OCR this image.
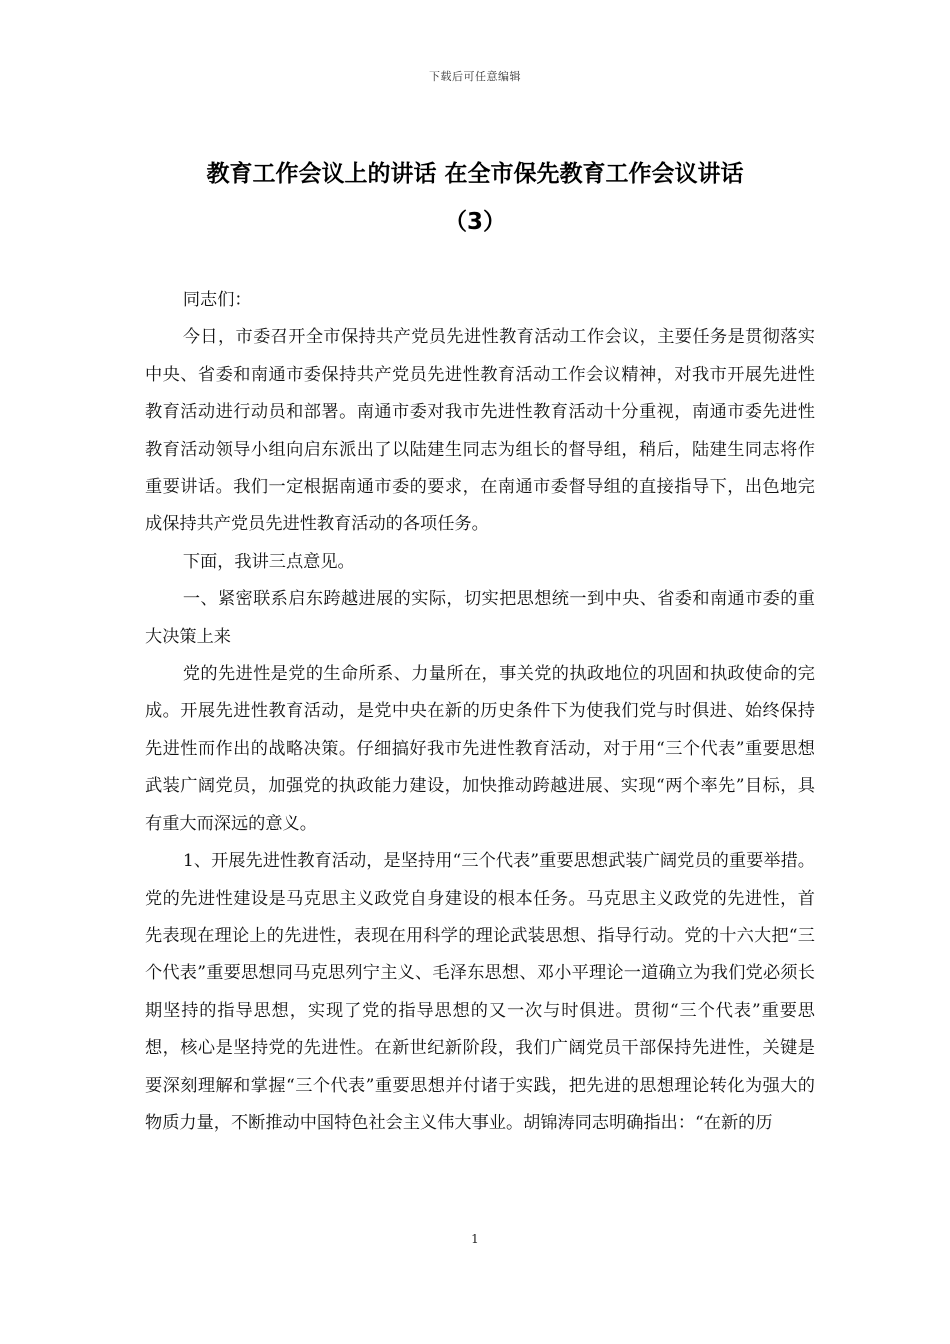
下载后可任意编辑
教育工作会议上的讲话 在全市保先教育工作会议讲话
（3）

同志们：

今日，市委召开全市保持共产党员先进性教育活动工作会议，主要任务是贯彻落实中央、省委和南通市委保持共产党员先进性教育活动工作会议精神，对我市开展先进性教育活动进行动员和部署。南通市委对我市先进性教育活动十分重视，南通市委先进性教育活动领导小组向启东派出了以陆建生同志为组长的督导组，稍后，陆建生同志将作重要讲话。我们一定根据南通市委的要求，在南通市委督导组的直接指导下，出色地完成保持共产党员先进性教育活动的各项任务。

下面，我讲三点意见。

一、紧密联系启东跨越进展的实际，切实把思想统一到中央、省委和南通市委的重大决策上来

党的先进性是党的生命所系、力量所在，事关党的执政地位的巩固和执政使命的完成。开展先进性教育活动，是党中央在新的历史条件下为使我们党与时俱进、始终保持先进性而作出的战略决策。仔细搞好我市先进性教育活动，对于用“三个代表”重要思想武装广阔党员，加强党的执政能力建设，加快推动跨越进展、实现“两个率先”目标，具有重大而深远的意义。

1、开展先进性教育活动，是坚持用“三个代表”重要思想武装广阔党员的重要举措。党的先进性建设是马克思主义政党自身建设的根本任务。马克思主义政党的先进性，首先表现在理论上的先进性，表现在用科学的理论武装思想、指导行动。党的十六大把“三个代表”重要思想同马克思列宁主义、毛泽东思想、邓小平理论一道确立为我们党必须长期坚持的指导思想，实现了党的指导思想的又一次与时俱进。贯彻“三个代表”重要思想，核心是坚持党的先进性。在新世纪新阶段，我们广阔党员干部保持先进性，关键是要深刻理解和掌握“三个代表”重要思想并付诸于实践，把先进的思想理论转化为强大的物质力量，不断推动中国特色社会主义伟大事业。胡锦涛同志明确指出：“在新的历

1
